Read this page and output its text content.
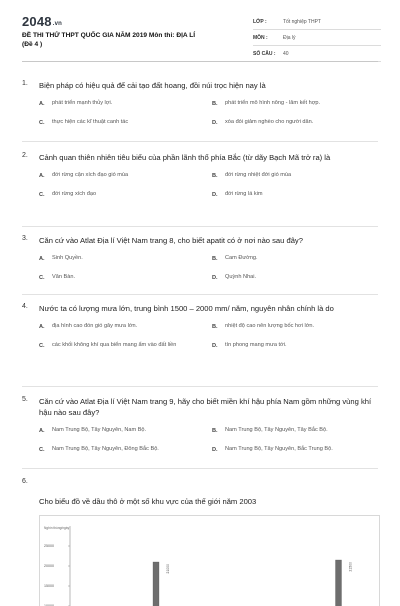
2048.vn
ĐỀ THI THỬ THPT QUỐC GIA NĂM 2019 Môn thi: ĐỊA LÍ
(Đề 4 )
LỚP :	Tốt nghiệp THPT
MÔN :	Địa lý
SỐ CÂU :	40
1. Biện pháp có hiệu quả để cải tạo đất hoang, đồi núi trọc hiện nay là
A.	phát triển mạnh thủy lợi.	B.	phát triển mô hình nông - lâm kết hợp.
C.	thực hiện các kĩ thuật canh tác	D.	xóa đói giảm nghèo cho người dân.
2. Cảnh quan thiên nhiên tiêu biểu của phần lãnh thổ phía Bắc (từ dãy Bạch Mã trở ra) là
A.	đới rừng cận xích đạo gió mùa	B.	đới rừng nhiệt đới gió mùa
C.	đới rừng xích đạo	D.	đới rừng lá kim
3. Căn cứ vào Atlat Địa lí Việt Nam trang 8, cho biết apatit có ở nơi nào sau đây?
A.	Sinh Quyền.	B.	Cam Đường.
C.	Văn Bàn.	D.	Quỳnh Nhai.
4. Nước ta có lượng mưa lớn, trung bình 1500 – 2000 mm/ năm, nguyên nhân chính là do
A.	địa hình cao đón gió gây mưa lớn.	B.	nhiệt độ cao nên lượng bốc hơi lớn.
C.	các khối không khí qua biển mang ẩm vào đất liền	D.	tín phong mang mưa tới.
5. Căn cứ vào Atlat Địa lí Việt Nam trang 9, hãy cho biết miền khí hậu phía Nam gồm những vùng khí hậu nào sau đây?
A.	Nam Trung Bộ, Tây Nguyên, Nam Bộ.	B.	Nam Trung Bộ, Tây Nguyên, Tây Bắc Bộ.
C.	Nam Trung Bộ, Tây Nguyên, Đông Bắc Bộ.	D.	Nam Trung Bộ, Tây Nguyên, Bắc Trung Bộ.
6.
Cho biểu đồ về dầu thô ở một số khu vực của thế giới năm 2003
Nghìn thùng/ngày
25000
20000
15000
21000	21500
